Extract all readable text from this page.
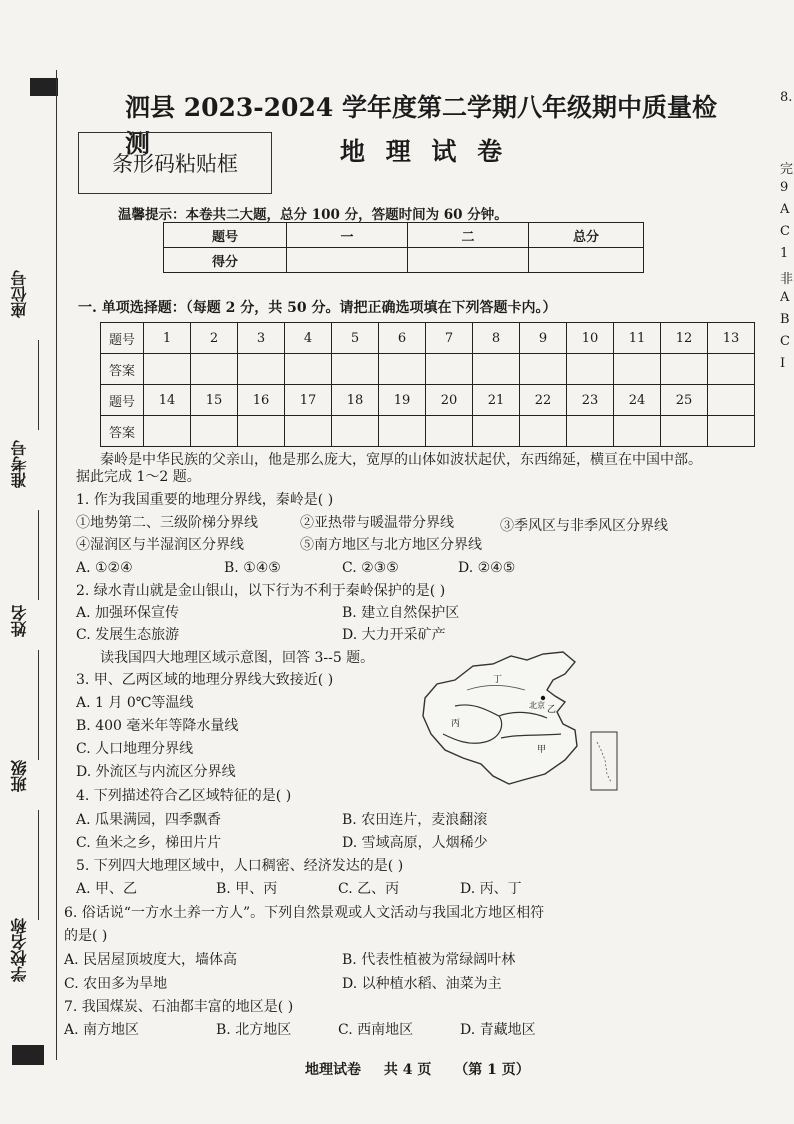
座位号
准考号
姓名
班级
学校名称
泗县 2023-2024 学年度第二学期八年级期中质量检测	地 理 试 卷
条形码粘贴框
温馨提示：本卷共二大题，总分 100 分，答题时间为 60 分钟。
题号	一	二	总分
得分			
一. 单项选择题：（每题 2 分，共 50 分。请把正确选项填在下列答题卡内。）
题号	1	2	3	4	5	6	7	8	9	10	11	12	13
答案													
题号	14	15	16	17	18	19	20	21	22	23	24	25	
答案													
秦岭是中华民族的父亲山，他是那么庞大，宽厚的山体如波状起伏，东西绵延，横亘在中国中部。
据此完成 1～2 题。
1. 作为我国重要的地理分界线，秦岭是( )
①地势第二、三级阶梯分界线	②亚热带与暖温带分界线	③季风区与非季风区分界线
④湿润区与半湿润区分界线	⑤南方地区与北方地区分界线
A. ①②④	B. ①④⑤	C. ②③⑤	D. ②④⑤
2. 绿水青山就是金山银山，以下行为不利于秦岭保护的是( )
A. 加强环保宣传	B. 建立自然保护区
C. 发展生态旅游	D. 大力开采矿产
读我国四大地理区域示意图，回答 3--5 题。
3. 甲、乙两区域的地理分界线大致接近( )
A. 1 月 0℃等温线
B. 400 毫米年等降水量线
C. 人口地理分界线
D. 外流区与内流区分界线
丁
乙
丙
甲
北京
4. 下列描述符合乙区域特征的是( )
A. 瓜果满园，四季飘香	B. 农田连片，麦浪翻滚
C. 鱼米之乡，梯田片片	D. 雪域高原，人烟稀少
5. 下列四大地理区域中，人口稠密、经济发达的是( )
A. 甲、乙	B. 甲、丙	C. 乙、丙	D. 丙、丁
6. 俗话说“一方水土养一方人”。下列自然景观或人文活动与我国北方地区相符
的是( )
A. 民居屋顶坡度大，墙体高	B. 代表性植被为常绿阔叶林
C. 农田多为旱地	D. 以种植水稻、油菜为主
7. 我国煤炭、石油都丰富的地区是( )
A. 南方地区	B. 北方地区	C. 西南地区	D. 青藏地区
地理试卷 共 4 页 （第 1 页）
8.
完
9
A
C
1
非
A
B
C
I
